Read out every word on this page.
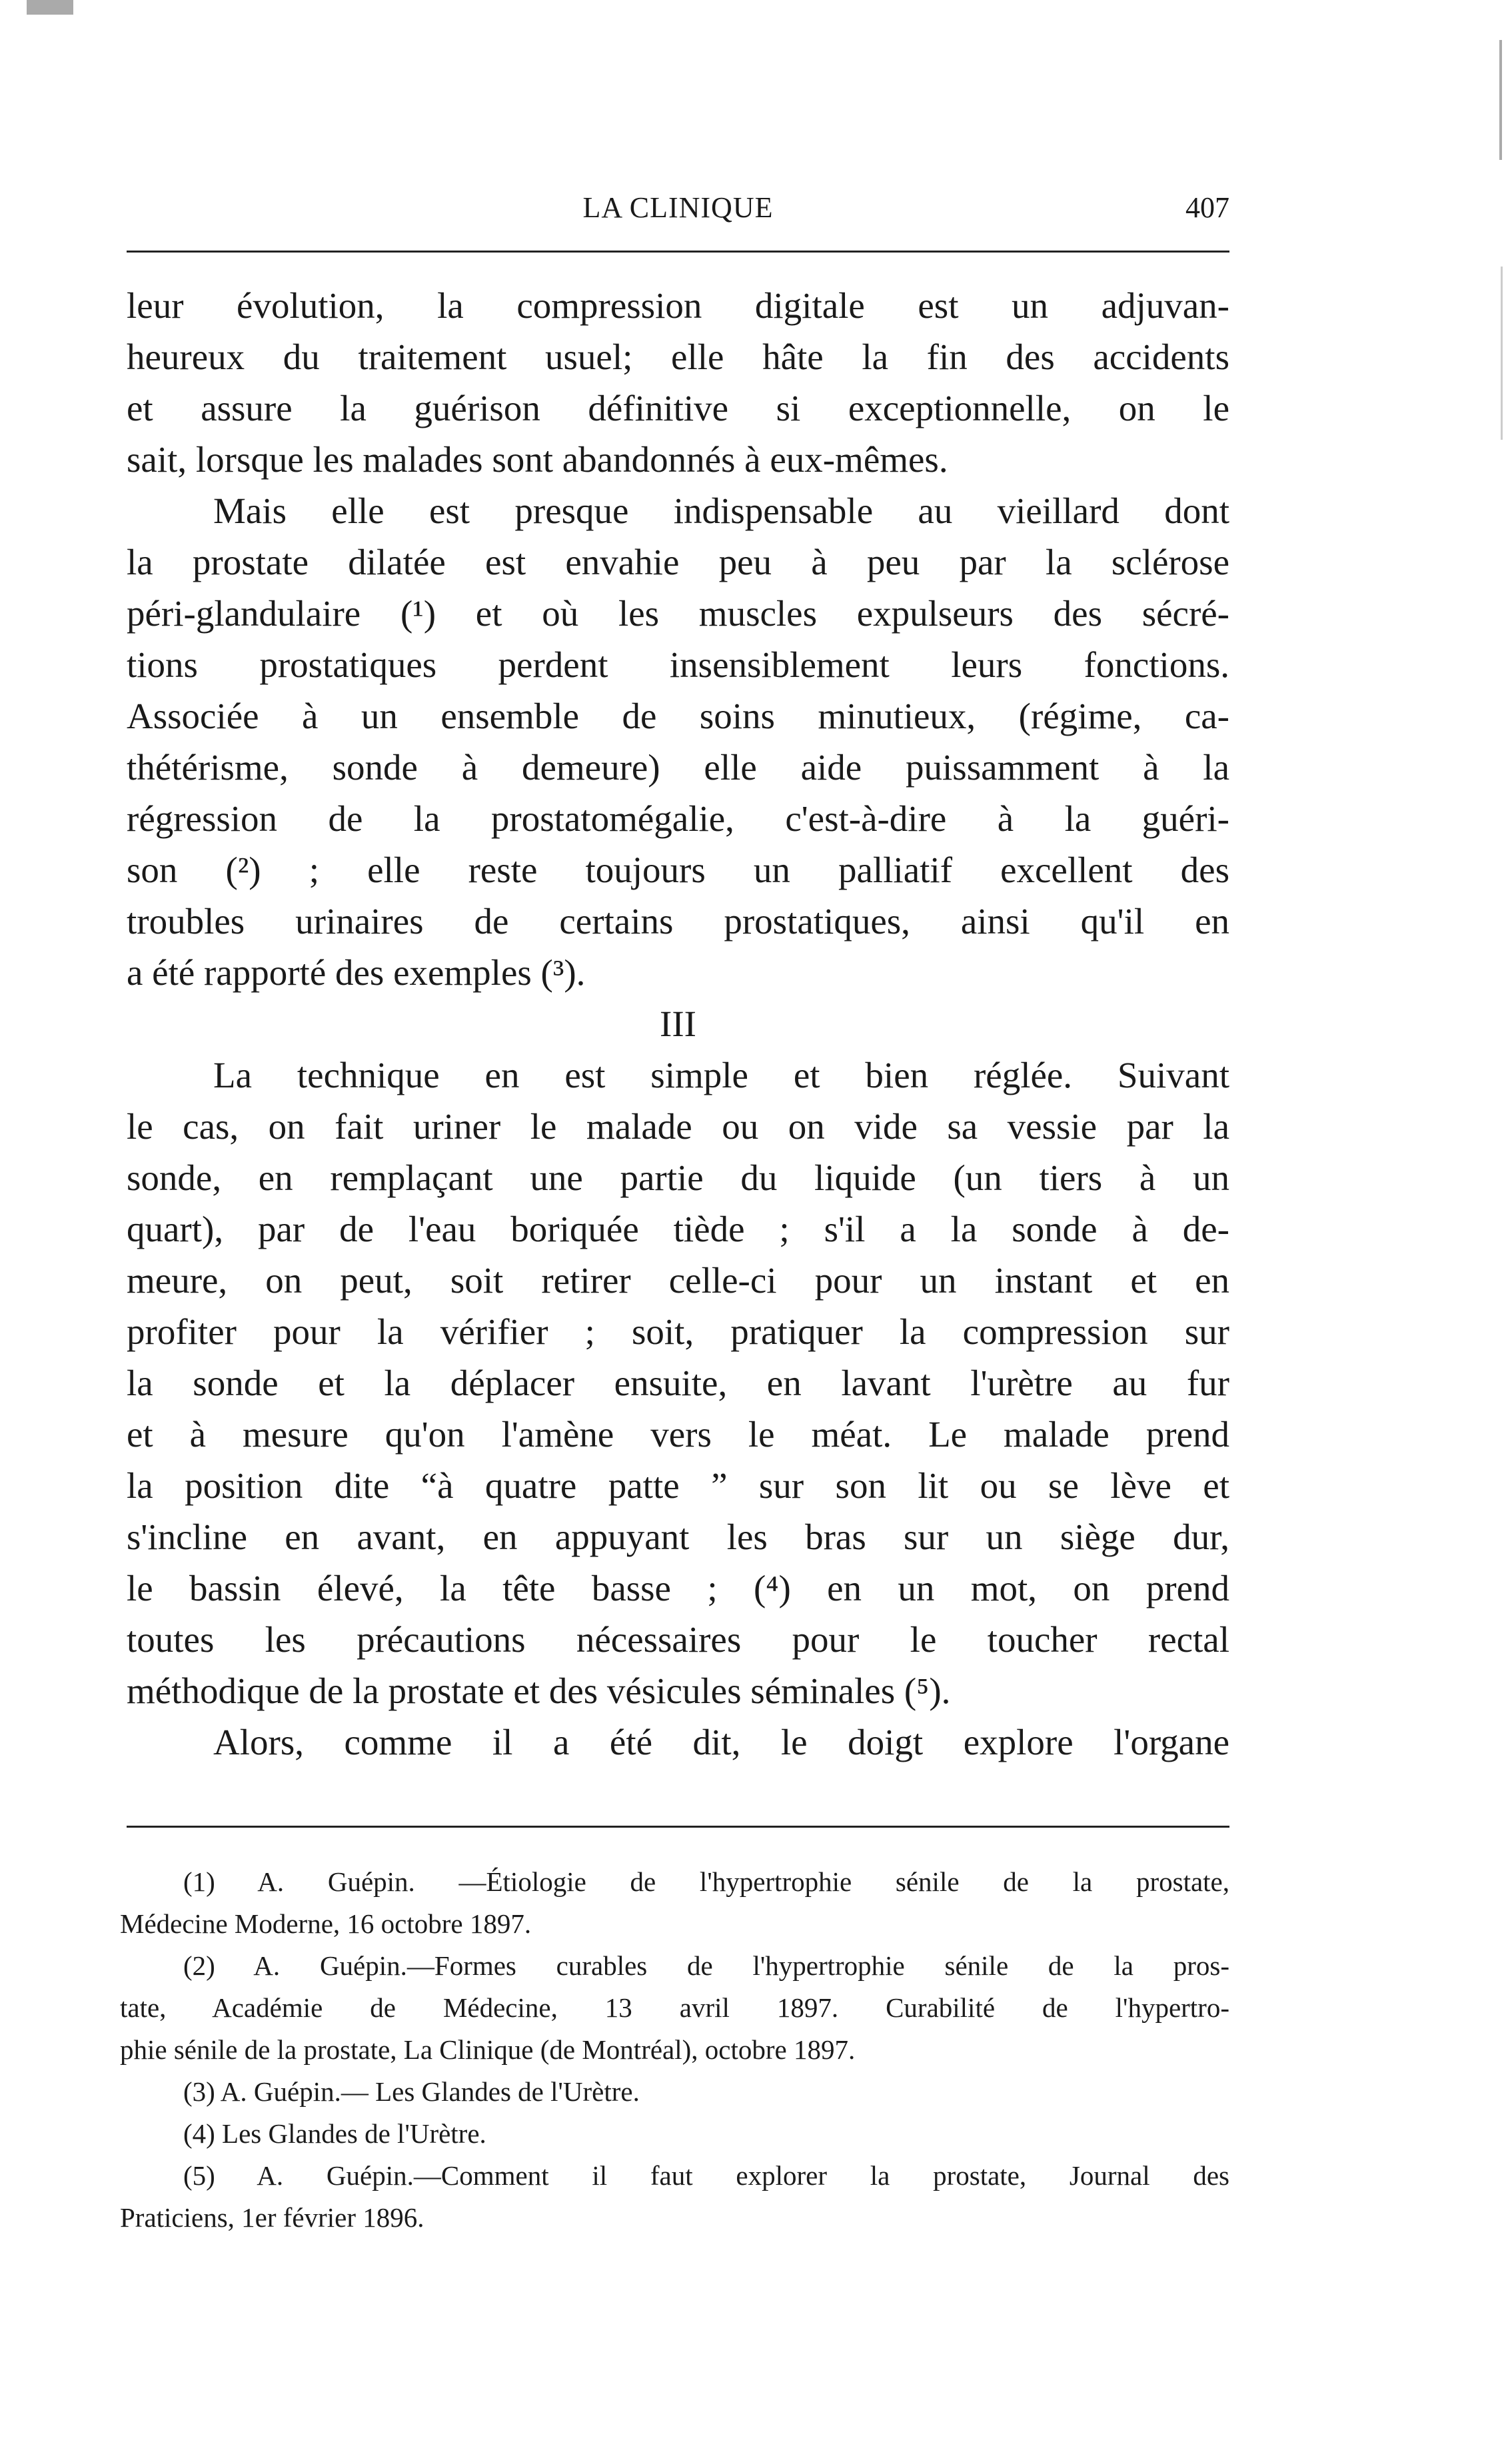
LA CLINIQUE	407
leur évolution, la compression digitale est un adjuvan-
heureux du traitement usuel; elle hâte la fin des accidents
et assure la guérison définitive si exceptionnelle, on le
sait, lorsque les malades sont abandonnés à eux-mêmes.
Mais elle est presque indispensable au vieillard dont
la prostate dilatée est envahie peu à peu par la sclérose
péri-glandulaire (¹) et où les muscles expulseurs des sécré-
tions prostatiques perdent insensiblement leurs fonctions.
Associée à un ensemble de soins minutieux, (régime, ca-
thétérisme, sonde à demeure) elle aide puissamment à la
régression de la prostatomégalie, c'est-à-dire à la guéri-
son (²) ; elle reste toujours un palliatif excellent des
troubles urinaires de certains prostatiques, ainsi qu'il en
a été rapporté des exemples (³).
III
La technique en est simple et bien réglée. Suivant
le cas, on fait uriner le malade ou on vide sa vessie par la
sonde, en remplaçant une partie du liquide (un tiers à un
quart), par de l'eau boriquée tiède ; s'il a la sonde à de-
meure, on peut, soit retirer celle-ci pour un instant et en
profiter pour la vérifier ; soit, pratiquer la compression sur
la sonde et la déplacer ensuite, en lavant l'urètre au fur
et à mesure qu'on l'amène vers le méat. Le malade prend
la position dite “à quatre patte ” sur son lit ou se lève et
s'incline en avant, en appuyant les bras sur un siège dur,
le bassin élevé, la tête basse ; (⁴) en un mot, on prend
toutes les précautions nécessaires pour le toucher rectal
méthodique de la prostate et des vésicules séminales (⁵).
Alors, comme il a été dit, le doigt explore l'organe
(1) A. Guépin. —Étiologie de l'hypertrophie sénile de la prostate,
Médecine Moderne, 16 octobre 1897.
(2) A. Guépin.—Formes curables de l'hypertrophie sénile de la pros-
tate, Académie de Médecine, 13 avril 1897. Curabilité de l'hypertro-
phie sénile de la prostate, La Clinique (de Montréal), octobre 1897.
(3) A. Guépin.— Les Glandes de l'Urètre.
(4) Les Glandes de l'Urètre.
(5) A. Guépin.—Comment il faut explorer la prostate, Journal des
Praticiens, 1er février 1896.
